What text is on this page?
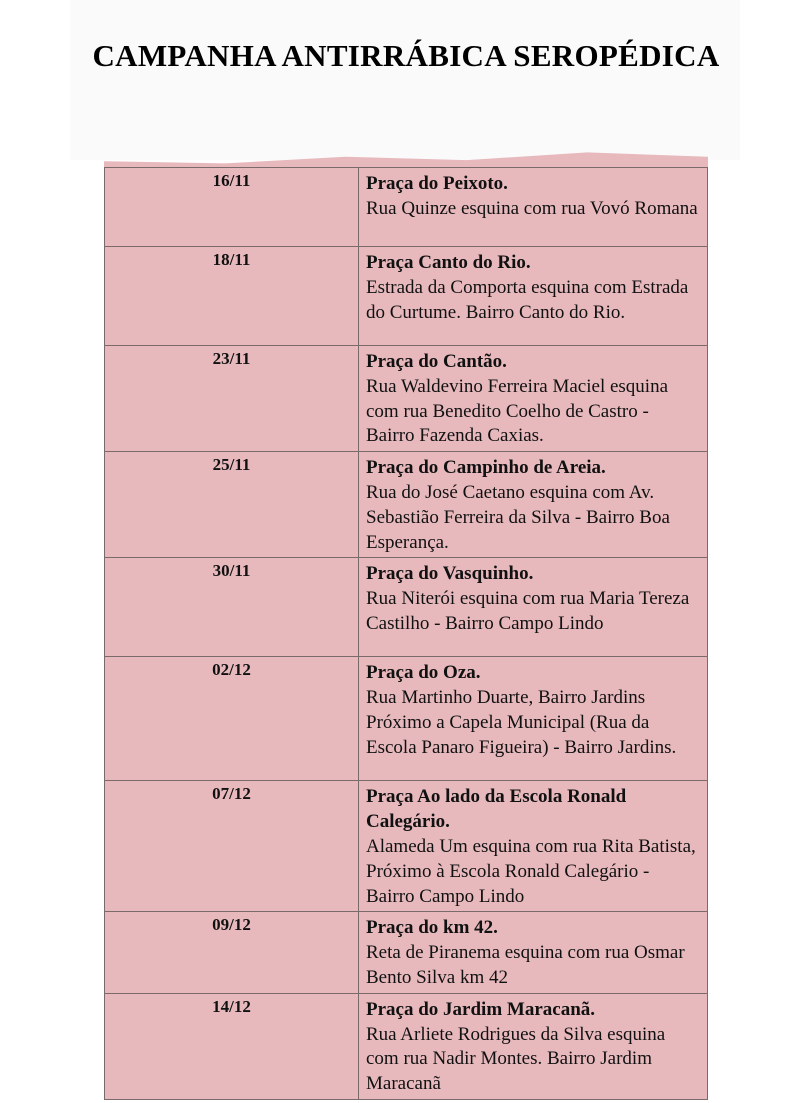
CAMPANHA ANTIRRÁBICA SEROPÉDICA
16/11	Praça do Peixoto.
Rua Quinze esquina com rua Vovó Romana

18/11	Praça Canto do Rio.
Estrada da Comporta esquina com Estrada do Curtume. Bairro Canto do Rio.

23/11	Praça do Cantão.
Rua Waldevino Ferreira Maciel esquina com rua Benedito Coelho de Castro - Bairro Fazenda Caxias.

25/11	Praça do Campinho de Areia.
Rua do José Caetano esquina com Av. Sebastião Ferreira da Silva - Bairro Boa Esperança.

30/11	Praça do Vasquinho.
Rua Niterói esquina com rua Maria Tereza Castilho - Bairro Campo Lindo

02/12	Praça do Oza.
Rua Martinho Duarte, Bairro Jardins Próximo a Capela Municipal (Rua da Escola Panaro Figueira) - Bairro Jardins.

07/12	Praça Ao lado da Escola Ronald Calegário.
Alameda Um esquina com rua Rita Batista, Próximo à Escola Ronald Calegário - Bairro Campo Lindo

09/12	Praça do km 42.
Reta de Piranema esquina com rua Osmar Bento Silva km 42

14/12	Praça do Jardim Maracanã.
Rua Arliete Rodrigues da Silva esquina com rua Nadir Montes. Bairro Jardim Maracanã
